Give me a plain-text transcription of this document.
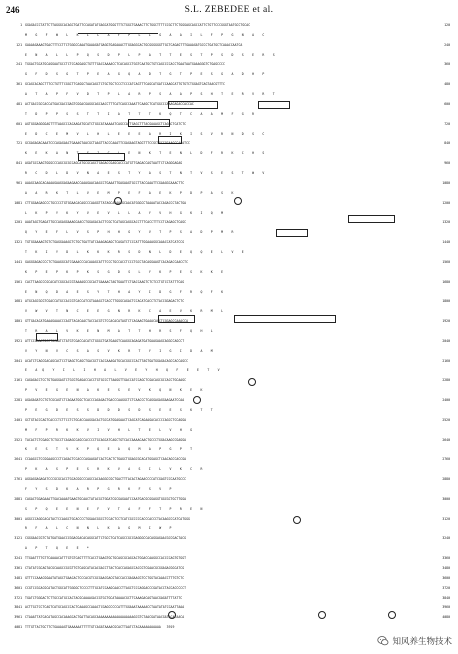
246	S.L. ZEBEDEE et al.
1 GGAGACCCTATTCTTAGGGCACAGCTGATTCCAGATATGAGCATGGGTTTCTGGCTGAAACTTCTGGCTTTTCCGCTTCTGGGAGCAGCCATTCTGTTCCCGGGTAATGCCTGCAC	120
M  G  F  W  L  K  L  L  A  F  P  L  L  G  A  A  I  L  F  P  G  N  A  C
121 GAAAAGAAAGTGACTTTCCTTCTGGGCCAAATGAAAGATGAGGTGAGAAACTTGGAGGCACTGCGGGGGGTTGCTCAGAGTTTGAAAGATGCCCTGATGCTCAAACCAATCA	240
E  N  A  L  L  P  Q  S  D  P  L  P  A  T  T  E  S  T  P  S  D  S  E  R  S
241 TGGACTGCATGCAGGAATGCCTCTCCAGGAGCTGTTTGACCAAAACCTCACAGCCTGGTCAATGCTGTCAGCCCCACCTGAATAATGAAAGGGTCTGAGCCCC	360
G  F  D  S  G  T  P  E  A  G  Q  A  D  T  G  T  P  E  S  G  A  D  H  P
361 GCAGCACAGCTTTCCTGTTTCGGCTTCAGGCTAACAGCTCTGCTGCTCCCTCCCATCAGTTTCAGCATGATCCAAGCATTGTGTCTGGAGTCAGTAACGTTTC	480
A  T  A  P  F  V  D  T  P  L  A  R  P  S  A  A  P  S  H  T  E  R  V  R  T
481 ACTGACCGCCACCATGACGACCGAGTCGGACGAGGCAGCAACCTTTCATCAGCCAAATTCAAGCTCATGGCCCAAAGAGACCACCAC	600
T  D  P  P  S  S  T  T  I  A  T  T  T  K  Q  T  C  A  A  M  F  G  R
601 AGTGGGAGGGGAGTTTTAAGCCCACAAGATGCATCTGGCATAAAAATCAGCCATTGAGCTTTACGAAAGCTCAGGCTCATCTC	720
E  D  C  E  M  V  L  H  L  E  E  E  A  R  I  K  I  S  V  R  N  D  S  C
721 GCGAGAGACAAATCCCAGAGAACTGAAAGTAACGCTAAGTTACCCAAATTCGAGAAGTAGGTTTCCGCTGCCGGAAGCCAAATCC	840
K  E  K  A  N  T  S  I  C  L  E  N  K  T  E  N  L  D  F  R  K  C  H  S
841 AGATGCCAAGTGGGCCCAGCGCGCCAGCATGCGCAGCTGAGACCGAGCACCCATGTTGAGACCAGTAATTCTCAGGGAGAG	960
R  C  D  L  D  V  N  A  E  S  T  Y  A  S  T  N  T  V  S  E  S  T  W  V
961 AAAGCAAGCACAAAAGAAGGAGAAGAACCAAAGAACAAGCCTGAAATTGAGAAGTGCCTTACCAAATTCGAAGGCAAACTTC	1080
A  A  R  K  T  L  V  E  M  P  E  F  A  E  K  P  D  P  A  S  K
1081 CTTGGAAGAGCCCTGCCCCTGTGGAACACAGCCCAAGGTTATAGCAGAAAGCAACATGGGCCTAAAATACCAGACCCTACTGA	1200
L  K  P  Y  K  Y  V  E  V  L  L  A  Y  V  H  G  K  I  Q  M
1201 AAATAGCTGAGATTGCCAGAGGAAAGCAACCTGGAGACACTTCGCTCATAGCAGGCACCTTTCACCTTTCCTCAGAGCTCAGC	1320
Q  Y  E  F  L  V  S  P  H  H  G  Y  V  T  P  S  A  D  P  M  R
1321 TGTGGAAAAGTGTCTGAGGAAAGCTCTGCTGATTATCAAAGAGAGCTCAGATCTCCCATTTGGAAAGGCAAACCATCATCCG	1440
T  K  I  Y  D  L  K  K  K  R  S  D  N  L  D  E  Q  Q  E  L  V  E
1441 GAGGGAGACCCCTCTGAAGGCATCGAAACCCACAAAGCATTTCCCTGCCACCTCCCTGCCTACAGGAAGTCACAGACCAACCTC	1560
K  P  E  P  K  P  K  S  G  D  S  L  Y  K  P  E  S  K  K  E
1561 CACTTAAGCCCGCACATCGGCACCGTAAAAGCCGCACTGAAAACTAGTGAATTCTGACCAAGTCTCTCCTGTCCTATTTCAG	1680
E  N  Q  D  A  E  S  Y  T  H  A  Y  I  D  G  F  R  Q  F  K
1681 ATGCAGCGCGTCGACCATGCCACCGTCACCATCGTAAAGCTCACCTTGGGCAGACTCCACATCACCTCTACCGGAGACTCTC	1800
V  W  V  T  N  C  E  E  G  N  R  K  C  A  E  V  K  R  M  L
1801 GTTGACACATGAAAGAAACCCAGTTACACAACTACCACGTCTCCACACATAGTCTCAGAAGTGAAACACCTCGGAGCCAAACCA	1920
T  R  A  L  V  K  E  N  M  A  T  T  H  R  S  F  Q  H  L
1921 ATTCCGAAATGCCTGCAATCTATGTCGACCACATCTGGGCTGATGAAGTCAAGGCAGAGATGATGAAGAAGCAGGCCAGCCT	2040
V  Y  N  V  C  S  A  S  V  K  R  T  Y  I  G  I  D  A  M
2041 ACATCTCAGCGACAGCACTCCTGAGCTCAGCTGACGCTCACCAAAGATGCACGGCCCACTTAGTGATGGAGACAGCCACCAGCC	2160
E  A Q  Y  I  L  I  H  A  L  V  E  Y  H  Q  F  E  E  T  V
2161 CAGAGACCTCCTGTGAGGAGTCTGCGTGAGACCACCTGTGCCCTTAAGGTTGACCATCCAGCTCGACAGCGCCACCTGCAAGC	2280
P  V  E  G  E  N  A  K  E  S  E  V  K  Q  N  K  E  K
2281 AGAGAGATCCTGTCGCAGTCTCAGAATGGCTCACCCAGAGACTGACCCAAGGCTCTCAACCCTCAGGAGAGGAAGAATCCAA	2400
P  E  G  D  E  S  S  D  D  D  S  D  S  E  E  S  K  T  T
2401 GCTGTACCCAGTCACCCTCTTCCTCTGCACCAAGGACACTGCCATGGAGAACTCAGCATCAGAAGACACCCCAGCCTCCAGGA	2520
M  F  P  R  K  K  V  I  V  H  L  T  E  L  V  H  G
2521 TACACTCTCGAGCTCTGCCTCAGAGCCAGCCACCCCTGCAGCATCAGCTGTCACCAAAACAACTGCCCTGGACAAGCCGAGGA	2640
K  E  S  T  V  K  P  Q  E  A  Q  M  A  P  G  P  T
2641 CCAAGCCTCCGGAAGCCCTCAGACTCCACCCAGAAGATCACTCACTCTGAGCTGGAGCGCACATGGAGCTCAACAGCCACCGA	2760
P  K  A  S  P  E  S  R  K  V  A  S  I  L  V  K  C  R
2761 AGGAGGAGAGATCCCGCGCACCTGCACGGCCCAGCCACAAGGCCGCTGACTTTACACTAGAACCCCATCGAGTCCCAATGCCC	2880
F  Y  S  D  K  A  R  P  G  R  K  F  S  V  P
2881 CAGACTGGAGAAATTGACAAAATGAAGTGCAACTATACGCTGGATCGCGAGAATCCAATGACGCGGAGGTGGCGCTGCTTGGA	3000
S  P  Q  E  E  N  E  F  V  T  A  F  F  T  P  R  E  N
3001 AGGCCCAGGCACATACTCCAAGCTGCACCCCTGGAACGGCCTCCACTCCTCATCGCCCCCACCCACCCTACAAGCCCATCATGGG	3120
R  F  A  L  C  N  N  L  K  A  G  M  I  W  P
3121 CGGGAACCGTCTATGATGAACCCGGACGACACAGGCATTCTGCCTCATCAGCCGCCGAGGGCCACAGGAGAACGCCGACTACG	3240
A  P  T  Q  E  E  *
3241 TTGAATTTTGTTCAAAACATTTGTGTCAGTTTTCACCTGAAGTGCTGCAGCGCAGCACTGGACCAAGGCCACCCCAGTGTGGT	3360
3361 CTATATCGCAGTACGCAAGCCGCGTTGTCAGCATACACGACCTTACTCACCAGAGCCACCGTCGAACGCGGAGACGGCATCG	3480
3481 GTTTCCAAACGGAATATAGCTGAACACTCCCACGTCGCGAACGACGTACCACCGAGAACGTCCTGGTACAAACCTTTGTCTC	3600
3601 CCGTCCGCACGCATACTGGCATTGGGGCTCCCCTTTGCATCCAAGCAACCTTAGCTCCCAGGACCCGATACCTACCACCCCCT	3720
3721 TGATCTGGGACTCTTGCCATGCCACTACGCAAAAGACCGTGCTGCATAAAACGCTTCAAAGACAGTAACGAGATTTTATTC	3840
3841 ACTTGCTCCTCAGTCATGCAGCCCACTCAAAGCCAAACTCGAGCCCCCATTTGGAAATAAAAACCTAATATATCCAATTAAA	3960
3961 CTAAATTATCACATAGCCACAAAGCACTGATTACAGCAAAAAAAAAAAAAAAAAAAGCGTCTAACGATAACGATACATAACA	4080
4081 TTTGTTACTGCTTCTGAAAAGTGAAAAAATTTTTGTCAGATAAAACGCACTTAATCTACAAAAAAAAAAA   3919
知风养生物技术
